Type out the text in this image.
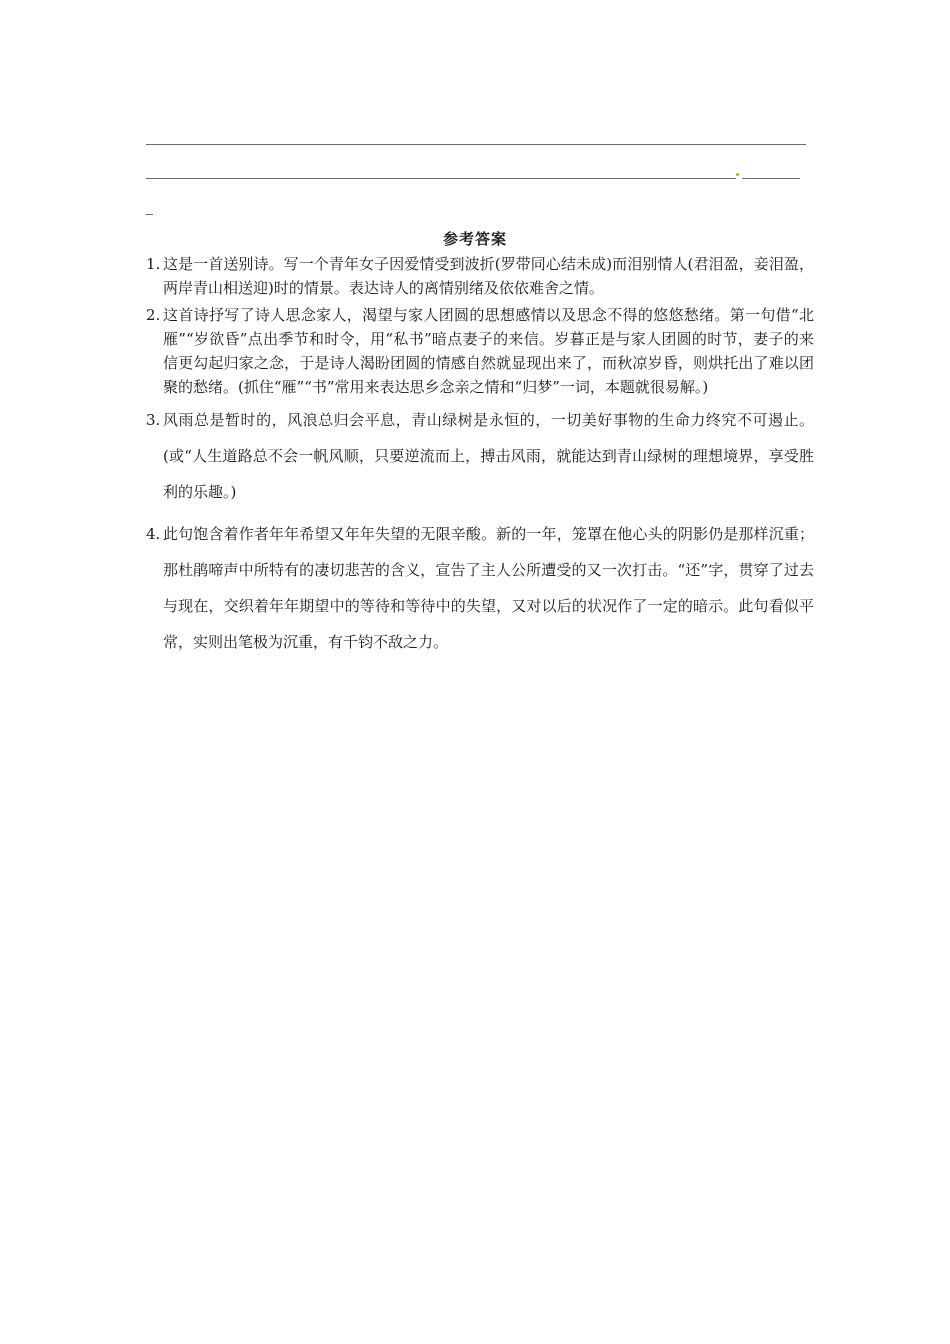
参考答案
1. 这是一首送别诗。写一个青年女子因爱情受到波折(罗带同心结未成)而泪别情人(君泪盈，妾泪盈，两岸青山相送迎)时的情景。表达诗人的离情别绪及依依难舍之情。
2. 这首诗抒写了诗人思念家人，渴望与家人团圆的思想感情以及思念不得的悠悠愁绪。第一句借“北雁”“岁欲昏”点出季节和时令，用“私书”暗点妻子的来信。岁暮正是与家人团圆的时节，妻子的来信更勾起归家之念，于是诗人渴盼团圆的情感自然就显现出来了，而秋凉岁昏，则烘托出了难以团聚的愁绪。(抓住“雁”“书”常用来表达思乡念亲之情和“归梦”一词，本题就很易解。)
3. 风雨总是暂时的，风浪总归会平息，青山绿树是永恒的，一切美好事物的生命力终究不可遏止。(或“人生道路总不会一帆风顺，只要逆流而上，搏击风雨，就能达到青山绿树的理想境界，享受胜利的乐趣。)
4. 此句饱含着作者年年希望又年年失望的无限辛酸。新的一年，笼罩在他心头的阴影仍是那样沉重；那杜鹃啼声中所特有的凄切悲苦的含义，宣告了主人公所遭受的又一次打击。“还”字，贯穿了过去与现在，交织着年年期望中的等待和等待中的失望，又对以后的状况作了一定的暗示。此句看似平常，实则出笔极为沉重，有千钧不敌之力。
